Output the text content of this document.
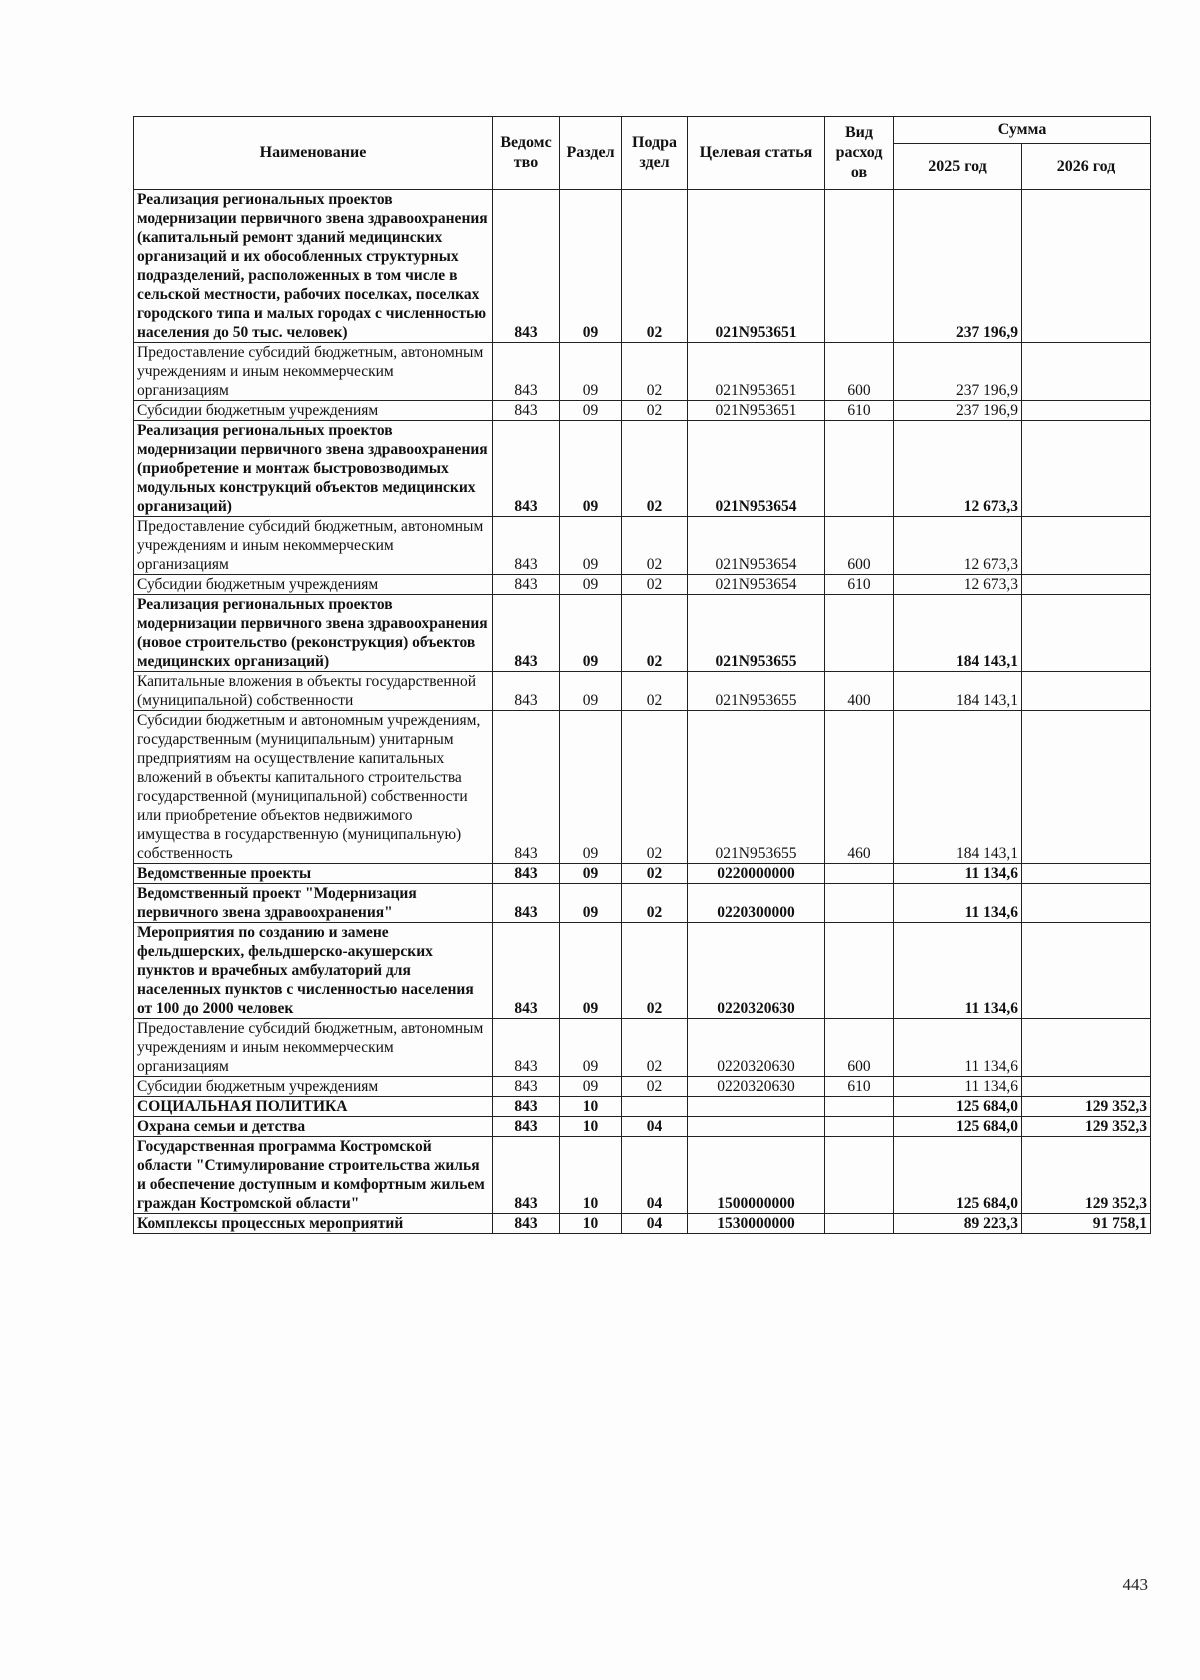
Наименование	Ведомс тво	Раздел	Подра здел	Целевая статья	Вид расход ов	Сумма	
						2025 год	2026 год
Реализация региональных проектов модернизации первичного звена здравоохранения (капитальный ремонт зданий медицинских организаций и их обособленных структурных подразделений, расположенных в том числе в сельской местности, рабочих поселках, поселках городского типа и малых городах с численностью населения до 50 тыс. человек)	843	09	02	021N953651		237 196,9	
Предоставление субсидий бюджетным, автономным учреждениям и иным некоммерческим организациям	843	09	02	021N953651	600	237 196,9	
Субсидии бюджетным учреждениям	843	09	02	021N953651	610	237 196,9	
Реализация региональных проектов модернизации первичного звена здравоохранения (приобретение и монтаж быстровозводимых модульных конструкций объектов медицинских организаций)	843	09	02	021N953654		12 673,3	
Предоставление субсидий бюджетным, автономным учреждениям и иным некоммерческим организациям	843	09	02	021N953654	600	12 673,3	
Субсидии бюджетным учреждениям	843	09	02	021N953654	610	12 673,3	
Реализация региональных проектов модернизации первичного звена здравоохранения (новое строительство (реконструкция) объектов медицинских организаций)	843	09	02	021N953655		184 143,1	
Капитальные вложения в объекты государственной (муниципальной) собственности	843	09	02	021N953655	400	184 143,1	
Субсидии бюджетным и автономным учреждениям, государственным (муниципальным) унитарным предприятиям на осуществление капитальных вложений в объекты капитального строительства государственной (муниципальной) собственности или приобретение объектов недвижимого имущества в государственную (муниципальную) собственность	843	09	02	021N953655	460	184 143,1	
Ведомственные проекты	843	09	02	0220000000		11 134,6	
Ведомственный проект "Модернизация первичного звена здравоохранения"	843	09	02	0220300000		11 134,6	
Мероприятия по созданию и замене фельдшерских, фельдшерско-акушерских пунктов и врачебных амбулаторий для населенных пунктов с численностью населения от 100 до 2000 человек	843	09	02	0220320630		11 134,6	
Предоставление субсидий бюджетным, автономным учреждениям и иным некоммерческим организациям	843	09	02	0220320630	600	11 134,6	
Субсидии бюджетным учреждениям	843	09	02	0220320630	610	11 134,6	
СОЦИАЛЬНАЯ ПОЛИТИКА	843	10				125 684,0	129 352,3
Охрана семьи и детства	843	10	04			125 684,0	129 352,3
Государственная программа Костромской области "Стимулирование строительства жилья и обеспечение доступным и комфортным жильем граждан Костромской области"	843	10	04	1500000000		125 684,0	129 352,3
Комплексы процессных мероприятий	843	10	04	1530000000		89 223,3	91 758,1
443
